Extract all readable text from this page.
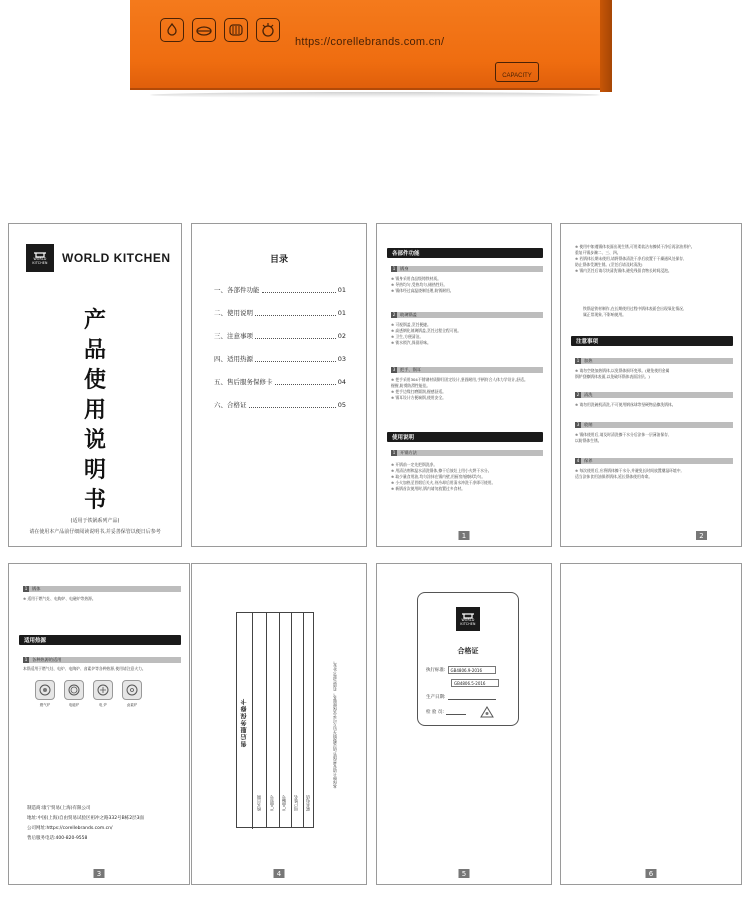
https://corellebrands.com.cn/
CAPACITY
WORLD
KITCHEN WORLD KITCHEN
产
品
使
用
说
明
书
(适用于铁锅系列产品)
请在使用本产品前仔细阅读说明书,并妥善保管以便日后参考
目录
一、各部件功能	01
二、使用说明	01
三、注意事项	02
四、适用热源	03
五、售后服务保修卡	04
六、合格证	05
各部件功能
1	锅身
※ 锅身采用食品级铸铁材质。
※ 导热均匀,受热均匀,储热性好。
※ 锅体经过高温烧制处理,防锈耐用。
2	玻璃锅盖
※ 可视锅盖,烹饪便捷。
※ 高透钢化玻璃锅盖,烹饪过程全程可视。
※ 卫生,方便清洁。
※ 锁水锁汽,保留原味。
3	把手、锅耳
※ 把手采用304不锈钢材质铆钉固定设计,坚固耐用,手柄符合人体力学设计,舒适。
握握,防烫防滑性能佳。
※ 把手边缘打磨圆润,握感舒适。
※ 锅耳设计方便端锅,使用安全。
使用说明
1	开锅方法
※ 开锅前一定先把锅洗净。
※ 用清洁剂和温水清洗锅体,擦干后放灶上用小火烘干水分。
※ 取少量食用油,均匀涂抹在锅内壁,用厨房纸擦拭均匀。
※ 小火加热至冒烟后关火,待冷却后用清水冲洗干净即可使用。
※ 新锅首次使用时,锅内请勿放置过多食材。
1
※ 使用中如遇锅体表面出现生锈,可用柔软洁布擦拭干净后再涂油养护。
重复开锅步骤二、三、四。
※ 若锅体长期未使用,请将锅体清洗干净后放置于干燥通风处保存,
防止锅体受潮生锈。(烹饪后请及时清洗)
※ 锅内烹饪后请尽快清洗锅体,避免残留食物长时间浸泡。
铁锅是铁材制作,在长期使用过程中锅体表面会出现氧化情况,
属正常现象,不影响使用。
注意事项
1	加热
※ 请勿空烧加热锅体,以免锅体损坏变形。(避免使用金属
锅铲刮擦锅体表面,以免破坏锅体表面涂层。)
2	清洗
※ 请勿用洗碗机清洗,不可使用钢丝球等坚硬物品擦洗锅体。
3	收纳
※ 锅体使用后,请及时清洗擦干水分后涂抹一层薄油保存,
以防锅体生锈。
4	保养
※ 每次使用后,应将锅体擦干水分,并避免长时间放置潮湿环境中,
适当涂抹食用油保养锅体,延长锅体使用寿命。
2
1	锅体
※ 适用于燃气灶、电陶炉、电磁炉等热源。
适用热源
1	各种热源的适用
本锅适用于燃气灶、电炉、电陶炉、卤素炉等各种热源,使用请注意火力。
燃气炉	电磁炉	电 炉	卤素炉
制造商:康宁贸易(上海)有限公司
地址:中国(上海)自由贸易试验区祖冲之路332号B栋2层3面
公司网址:https://corellebrands.com.cn/
售后服务电话:400-820-9558
3
售后服务保修卡
购买日期 产品型号 产品编号 用户姓名 联系电话
本保修卡请妥善保管,请完整填写后方可享受保修服务。若遗失恕不补发。
4
WORLD
KITCHEN
合格证
执行标准:	GB4806.9-2016
GB4806.5-2016
生产日期:
检 验 员:
5	6
